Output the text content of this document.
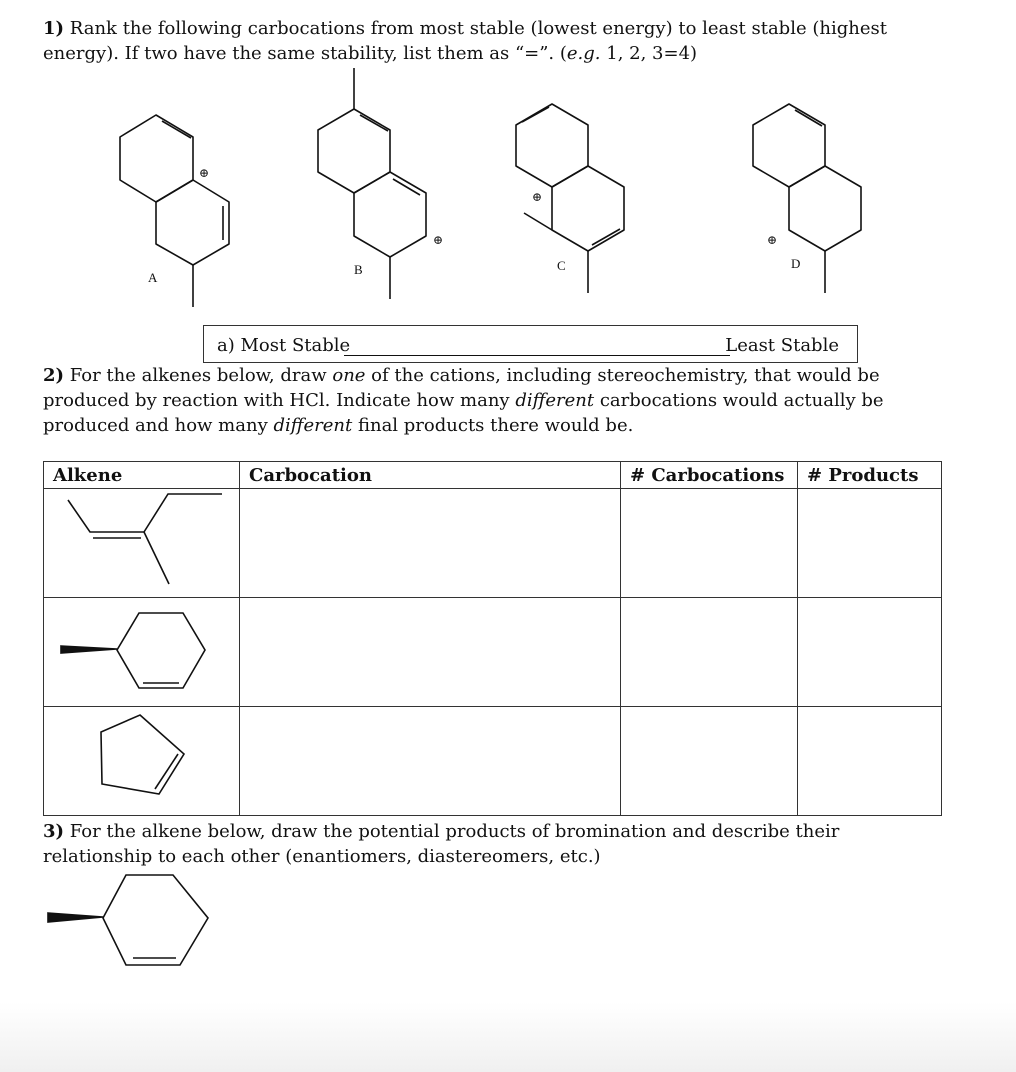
1) Rank the following carbocations from most stable (lowest energy) to least stable (highest energy). If two have the same stability, list them as “=”. (e.g. 1, 2, 3=4)
⊕
⊕
⊕
⊕
A
B	C	D
a) Most Stable	Least Stable
2) For the alkenes below, draw one of the cations, including stereochemistry, that would be produced by reaction with HCl. Indicate how many different carbocations would actually be produced and how many different final products there would be.
Alkene	Carbocation	# Carbocations	# Products

3) For the alkene below, draw the potential products of bromination and describe their relationship to each other (enantiomers, diastereomers, etc.)
